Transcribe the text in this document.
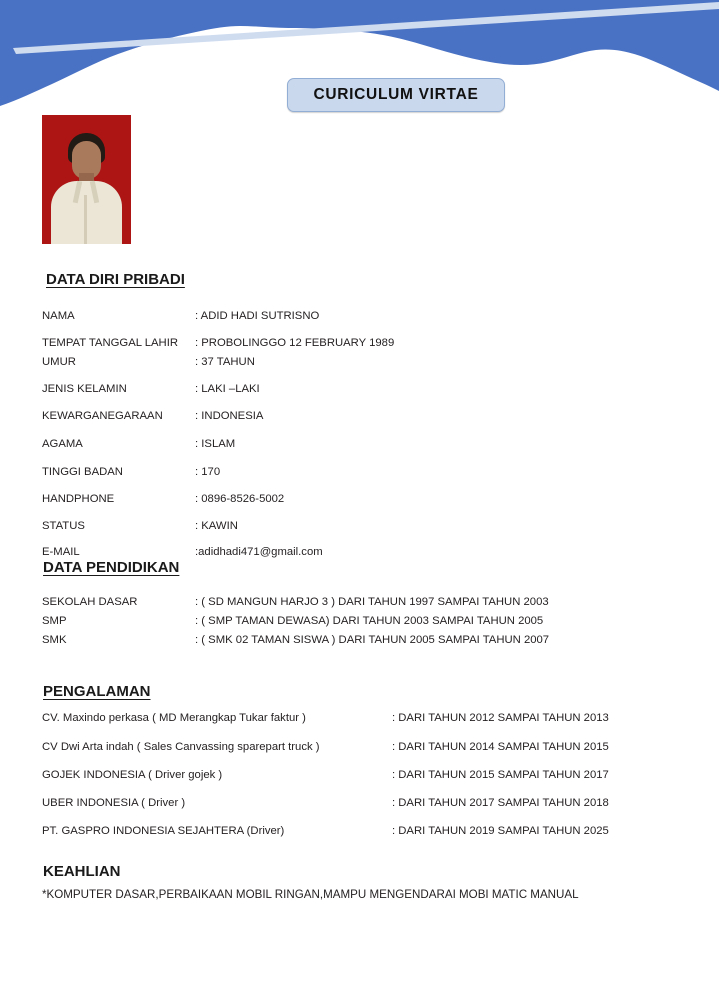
CURICULUM VIRTAE
DATA DIRI PRIBADI
NAMA	: ADID HADI SUTRISNO
TEMPAT TANGGAL LAHIR : PROBOLINGGO 12 FEBRUARY 1989
UMUR	: 37 TAHUN
JENIS KELAMIN	: LAKI –LAKI
KEWARGANEGARAAN	: INDONESIA
AGAMA	: ISLAM
TINGGI BADAN	: 170
HANDPHONE	: 0896-8526-5002
STATUS	: KAWIN
E-MAIL	:adidhadi471@gmail.com
DATA PENDIDIKAN
SEKOLAH DASAR	: ( SD MANGUN HARJO 3 ) DARI TAHUN 1997 SAMPAI TAHUN 2003
SMP	: ( SMP TAMAN DEWASA) DARI TAHUN 2003 SAMPAI TAHUN 2005
SMK	: ( SMK 02 TAMAN SISWA ) DARI TAHUN 2005 SAMPAI TAHUN 2007
PENGALAMAN
CV. Maxindo perkasa ( MD Merangkap Tukar faktur )	: DARI TAHUN 2012 SAMPAI TAHUN 2013
CV Dwi Arta indah ( Sales Canvassing sparepart truck )	: DARI TAHUN 2014 SAMPAI TAHUN 2015
GOJEK INDONESIA ( Driver gojek )	: DARI TAHUN 2015 SAMPAI TAHUN 2017
UBER INDONESIA ( Driver )	: DARI TAHUN 2017 SAMPAI TAHUN 2018
PT. GASPRO INDONESIA SEJAHTERA (Driver)	: DARI TAHUN 2019 SAMPAI TAHUN 2025
KEAHLIAN
*KOMPUTER DASAR,PERBAIKAAN MOBIL RINGAN,MAMPU MENGENDARAI MOBI MATIC MANUAL
